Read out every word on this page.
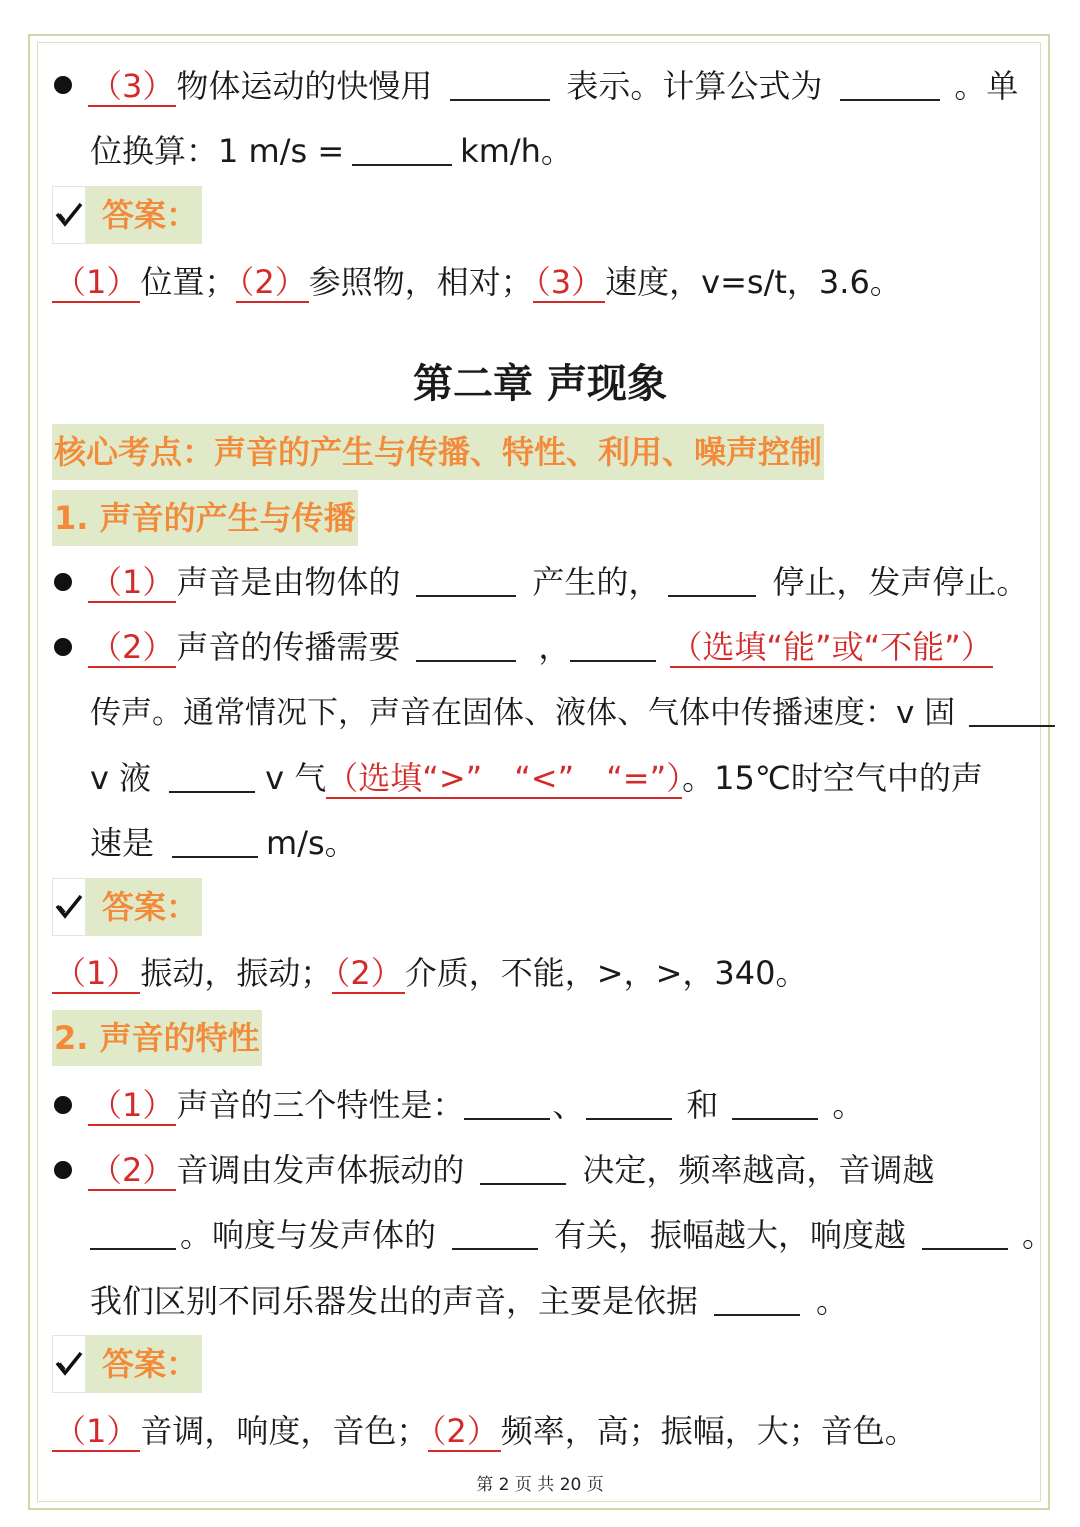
（3）物体运动的快慢用	表示。计算公式为	。单
位换算：1 m/s =	km/h。
答案：
（1）位置；（2）参照物，相对；（3）速度，v=s/t，3.6。
第二章 声现象
核心考点：声音的产生与传播、特性、利用、噪声控制
1. 声音的产生与传播
（1）声音是由物体的	产生的，	停止，发声停止。
（2）声音的传播需要	，	（选填“能”或“不能”）
传声。通常情况下，声音在固体、液体、气体中传播速度：v 固
v 液	v 气（选填“>”　“<”　“=”）。15℃时空气中的声
速是	m/s。
答案：
（1）振动，振动；（2）介质，不能，>，>，340。
2. 声音的特性
（1）声音的三个特性是：	、	和	。
（2）音调由发声体振动的	决定，频率越高，音调越
。响度与发声体的	有关，振幅越大，响度越	。
我们区别不同乐器发出的声音，主要是依据	。
答案：
（1）音调，响度，音色；（2）频率，高；振幅，大；音色。
第 2 页 共 20 页
